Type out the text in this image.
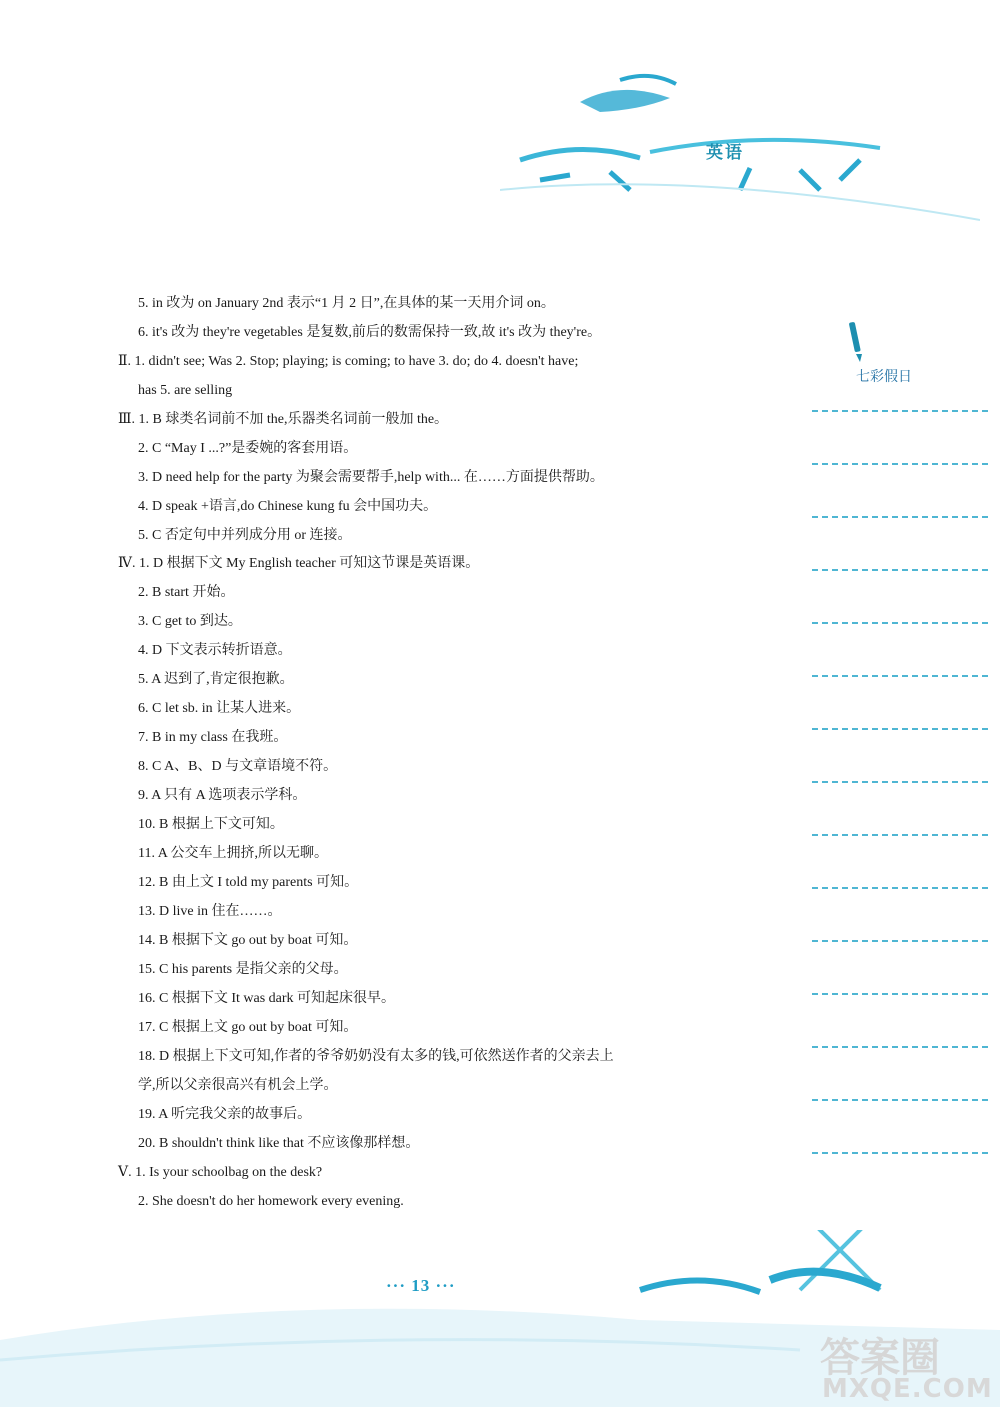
英语
七彩假日
5. in 改为 on January 2nd 表示“1 月 2 日”,在具体的某一天用介词 on。
6. it's 改为 they're vegetables 是复数,前后的数需保持一致,故 it's 改为 they're。
Ⅱ. 1. didn't see; Was 2. Stop; playing; is coming; to have 3. do; do 4. doesn't have;
has 5. are selling
Ⅲ. 1. B 球类名词前不加 the,乐器类名词前一般加 the。
2. C “May I ...?”是委婉的客套用语。
3. D need help for the party 为聚会需要帮手,help with... 在……方面提供帮助。
4. D speak +语言,do Chinese kung fu 会中国功夫。
5. C 否定句中并列成分用 or 连接。
Ⅳ. 1. D 根据下文 My English teacher 可知这节课是英语课。
2. B start 开始。
3. C get to 到达。
4. D 下文表示转折语意。
5. A 迟到了,肯定很抱歉。
6. C let sb. in 让某人进来。
7. B in my class 在我班。
8. C A、B、D 与文章语境不符。
9. A 只有 A 选项表示学科。
10. B 根据上下文可知。
11. A 公交车上拥挤,所以无聊。
12. B 由上文 I told my parents 可知。
13. D live in 住在……。
14. B 根据下文 go out by boat 可知。
15. C his parents 是指父亲的父母。
16. C 根据下文 It was dark 可知起床很早。
17. C 根据上文 go out by boat 可知。
18. D 根据上下文可知,作者的爷爷奶奶没有太多的钱,可依然送作者的父亲去上
学,所以父亲很高兴有机会上学。
19. A 听完我父亲的故事后。
20. B shouldn't think like that 不应该像那样想。
Ⅴ. 1. Is your schoolbag on the desk?
2. She doesn't do her homework every evening.
··· 13 ···
答案圈
MXQE.COM
